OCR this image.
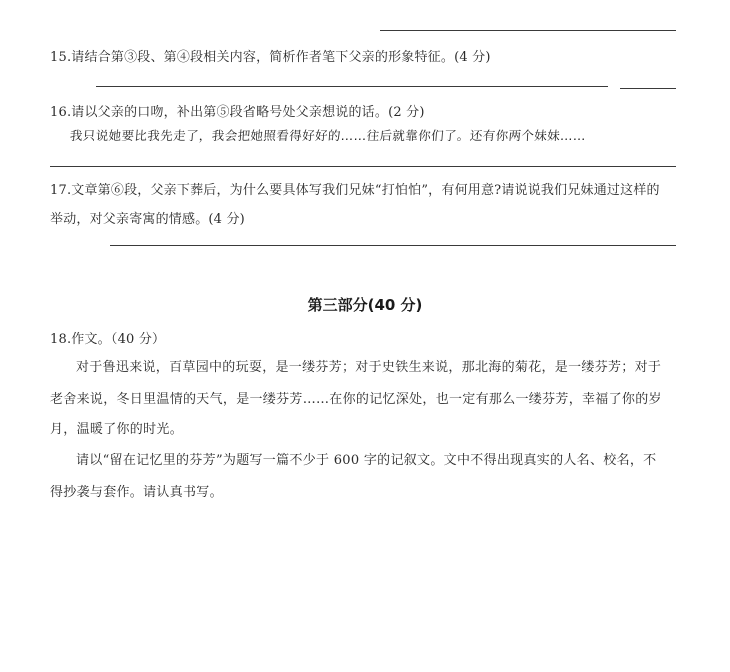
15.请结合第③段、第④段相关内容，简析作者笔下父亲的形象特征。(4 分)
16.请以父亲的口吻，补出第⑤段省略号处父亲想说的话。(2 分)
我只说她要比我先走了，我会把她照看得好好的……往后就靠你们了。还有你两个妹妹……
17.文章第⑥段，父亲下葬后，为什么要具体写我们兄妹“打怕怕”，有何用意?请说说我们兄妹通过这样的
举动，对父亲寄寓的情感。(4 分)
第三部分(40 分)
18.作文。（40 分）
对于鲁迅来说，百草园中的玩耍，是一缕芬芳；对于史铁生来说，那北海的菊花，是一缕芬芳；对于
老舍来说，冬日里温情的天气，是一缕芬芳……在你的记忆深处，也一定有那么一缕芬芳，幸福了你的岁
月，温暖了你的时光。
请以“留在记忆里的芬芳”为题写一篇不少于 600 字的记叙文。文中不得出现真实的人名、校名，不
得抄袭与套作。请认真书写。
